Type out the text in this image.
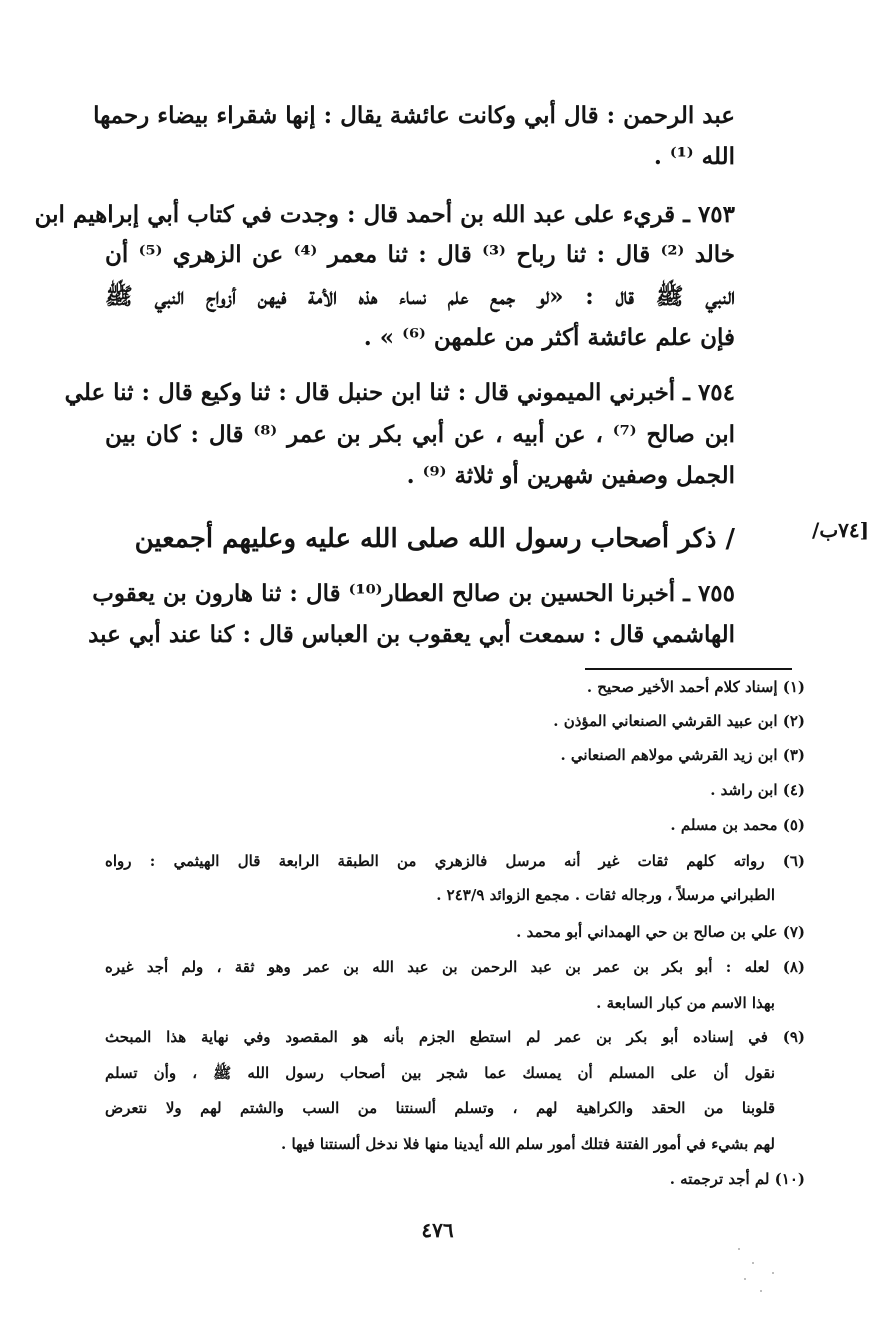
/٧٤ب]
عبد الرحمن : قال أبي وكانت عائشة يقال : إنها شقراء بيضاء رحمها
الله ⁽¹⁾ .
٧٥٣ ـ قريء على عبد الله بن أحمد قال : وجدت في كتاب أبي إبراهيم ابن
خالد ⁽²⁾ قال : ثنا رباح ⁽³⁾ قال : ثنا معمر ⁽⁴⁾ عن الزهري ⁽⁵⁾ أن
النبي ﷺ قال : «لو جمع علم نساء هذه الأمة فيهن أزواج النبي ﷺ
فإن علم عائشة أكثر من علمهن ⁽⁶⁾ » .
٧٥٤ ـ أخبرني الميموني قال : ثنا ابن حنبل قال : ثنا وكيع قال : ثنا علي
ابن صالح ⁽⁷⁾ ، عن أبيه ، عن أبي بكر بن عمر ⁽⁸⁾ قال : كان بين
الجمل وصفين شهرين أو ثلاثة ⁽⁹⁾ .
/ ذكر أصحاب رسول الله صلى الله عليه وعليهم أجمعين
٧٥٥ ـ أخبرنا الحسين بن صالح العطار⁽¹⁰⁾ قال : ثنا هارون بن يعقوب
الهاشمي قال : سمعت أبي يعقوب بن العباس قال : كنا عند أبي عبد
(١) إسناد كلام أحمد الأخير صحيح .
(٢) ابن عبيد القرشي الصنعاني المؤذن .
(٣) ابن زيد القرشي مولاهم الصنعاني .
(٤) ابن راشد .
(٥) محمد بن مسلم .
(٦) رواته كلهم ثقات غير أنه مرسل فالزهري من الطبقة الرابعة قال الهيثمي : رواه
الطبراني مرسلاً ، ورجاله ثقات . مجمع الزوائد ٢٤٣/٩ .
(٧) علي بن صالح بن حي الهمداني أبو محمد .
(٨) لعله : أبو بكر بن عمر بن عبد الرحمن بن عبد الله بن عمر وهو ثقة ، ولم أجد غيره
بهذا الاسم من كبار السابعة .
(٩) في إسناده أبو بكر بن عمر لم استطع الجزم بأنه هو المقصود وفي نهاية هذا المبحث
نقول أن على المسلم أن يمسك عما شجر بين أصحاب رسول الله ﷺ ، وأن تسلم
قلوبنا من الحقد والكراهية لهم ، وتسلم ألسنتنا من السب والشتم لهم ولا نتعرض
لهم بشيء في أمور الفتنة فتلك أمور سلم الله أيدينا منها فلا ندخل ألسنتنا فيها .
(١٠) لم أجد ترجمته .
٤٧٦
